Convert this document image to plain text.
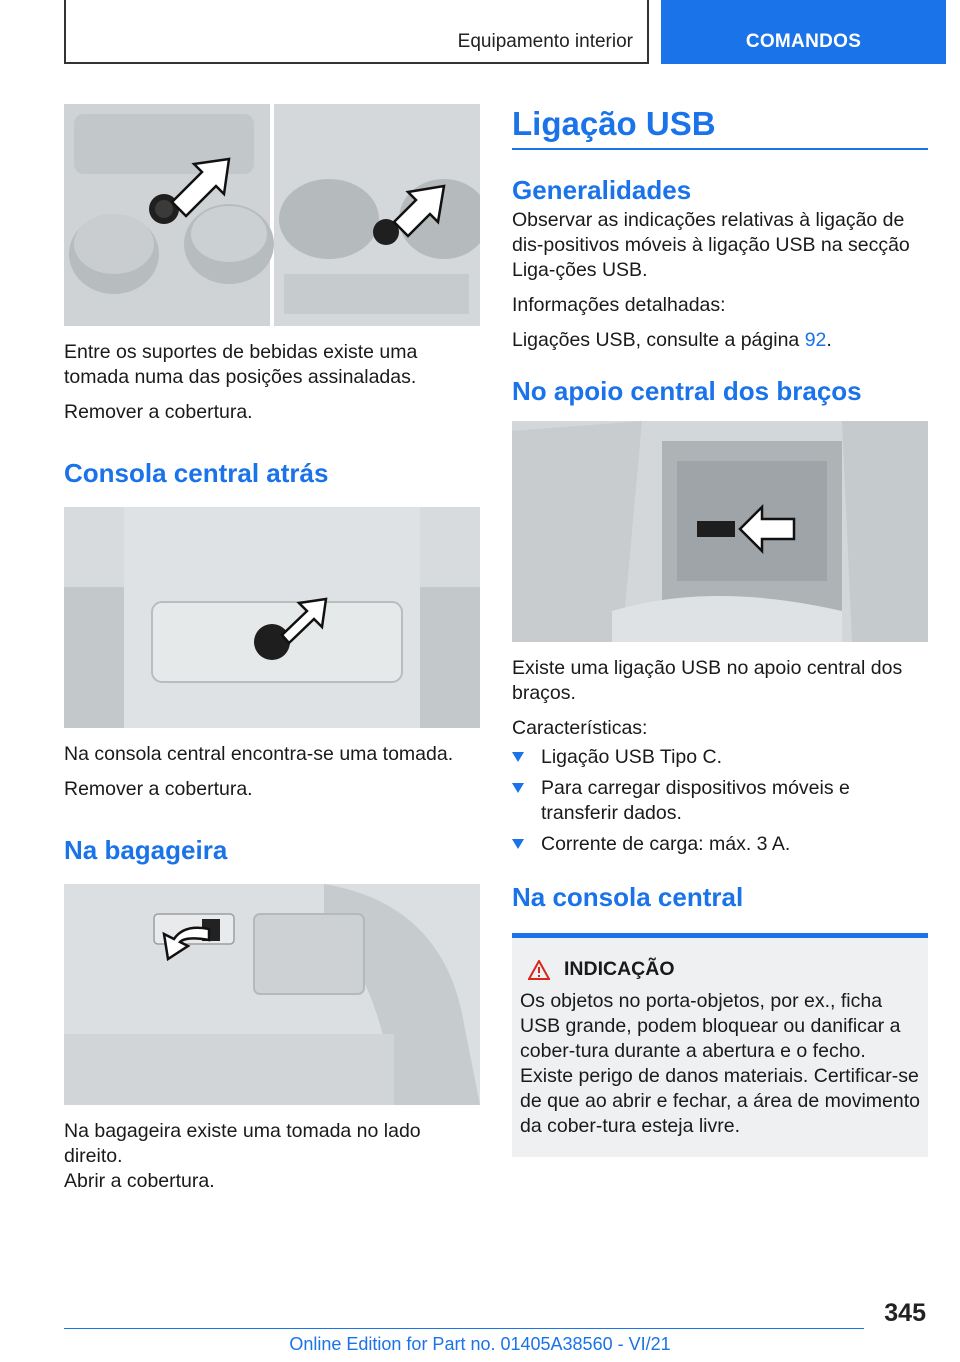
Equipamento interior	COMANDOS

Entre os suportes de bebidas existe uma tomada numa das posições assinaladas.

Remover a cobertura.

Consola central atrás

Na consola central encontra-se uma tomada.

Remover a cobertura.

Na bagageira

Na bagageira existe uma tomada no lado direito.

Abrir a cobertura.

Ligação USB
Generalidades

Observar as indicações relativas à ligação de dis-positivos móveis à ligação USB na secção Liga-ções USB.

Informações detalhadas:

Ligações USB, consulte a página 92.

No apoio central dos braços

Existe uma ligação USB no apoio central dos braços.

Características:

Ligação USB Tipo C.
Para carregar dispositivos móveis e transferir dados.
Corrente de carga: máx. 3 A.
Na consola central
INDICAÇÃO

Os objetos no porta-objetos, por ex., ficha USB grande, podem bloquear ou danificar a cober-tura durante a abertura e o fecho. Existe perigo de danos materiais. Certificar-se de que ao abrir e fechar, a área de movimento da cober-tura esteja livre.

345
Online Edition for Part no. 01405A38560 - VI/21
